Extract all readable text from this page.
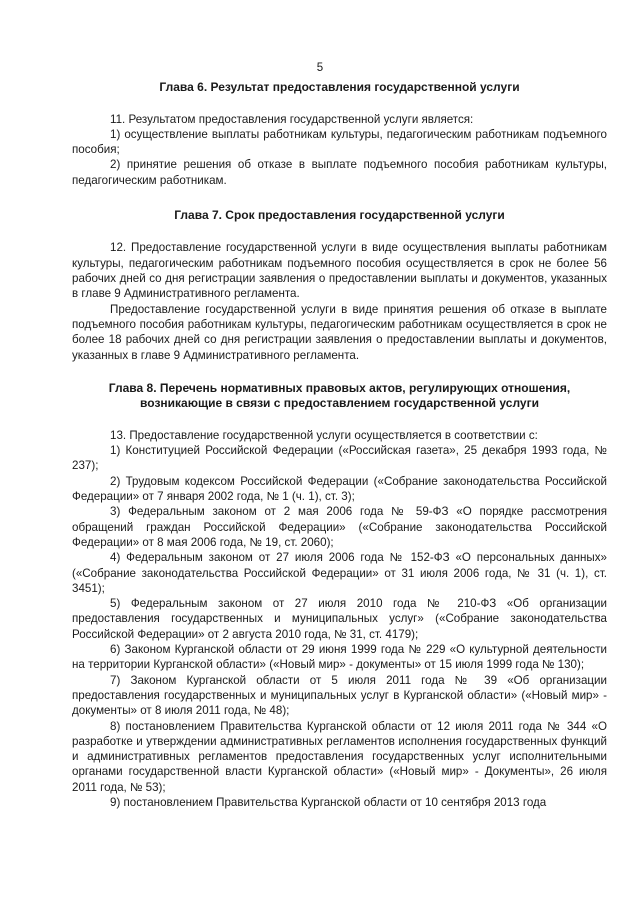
5
Глава 6. Результат предоставления государственной услуги

11. Результатом предоставления государственной услуги является:

1) осуществление выплаты работникам культуры, педагогическим работникам подъемного пособия;

2) принятие решения об отказе в выплате подъемного пособия работникам культуры, педагогическим работникам.

Глава 7. Срок предоставления государственной услуги

12. Предоставление государственной услуги в виде осуществления выплаты работникам культуры, педагогическим работникам подъемного пособия осуществляется в срок не более 56 рабочих дней со дня регистрации заявления о предоставлении выплаты и документов, указанных в главе 9 Административного регламента.

Предоставление государственной услуги в виде принятия решения об отказе в выплате подъемного пособия работникам культуры, педагогическим работникам осуществляется в срок не более 18 рабочих дней со дня регистрации заявления о предоставлении выплаты и документов, указанных в главе 9 Административного регламента.

Глава 8. Перечень нормативных правовых актов, регулирующих отношения,
возникающие в связи с предоставлением государственной услуги

13. Предоставление государственной услуги осуществляется в соответствии с:

1) Конституцией Российской Федерации («Российская газета», 25 декабря 1993 года, № 237);

2) Трудовым кодексом Российской Федерации («Собрание законодательства Российской Федерации» от 7 января 2002 года, № 1 (ч. 1), ст. 3);

3) Федеральным законом от 2 мая 2006 года № 59-ФЗ «О порядке рассмотрения обращений граждан Российской Федерации» («Собрание законодательства Российской Федерации» от 8 мая 2006 года, № 19, ст. 2060);

4) Федеральным законом от 27 июля 2006 года № 152-ФЗ «О персональных данных» («Собрание законодательства Российской Федерации» от 31 июля 2006 года, № 31 (ч. 1), ст. 3451);

5) Федеральным законом от 27 июля 2010 года № 210-ФЗ «Об организации предоставления государственных и муниципальных услуг» («Собрание законодательства Российской Федерации» от 2 августа 2010 года, № 31, ст. 4179);

6) Законом Курганской области от 29 июня 1999 года № 229 «О культурной деятельности на территории Курганской области» («Новый мир» - документы» от 15 июля 1999 года № 130);

7) Законом Курганской области от 5 июля 2011 года № 39 «Об организации предоставления государственных и муниципальных услуг в Курганской области» («Новый мир» - документы» от 8 июля 2011 года, № 48);

8) постановлением Правительства Курганской области от 12 июля 2011 года № 344 «О разработке и утверждении административных регламентов исполнения государственных функций и административных регламентов предоставления государственных услуг исполнительными органами государственной власти Курганской области» («Новый мир» - Документы», 26 июля 2011 года, № 53);

9) постановлением Правительства Курганской области от 10 сентября 2013 года
